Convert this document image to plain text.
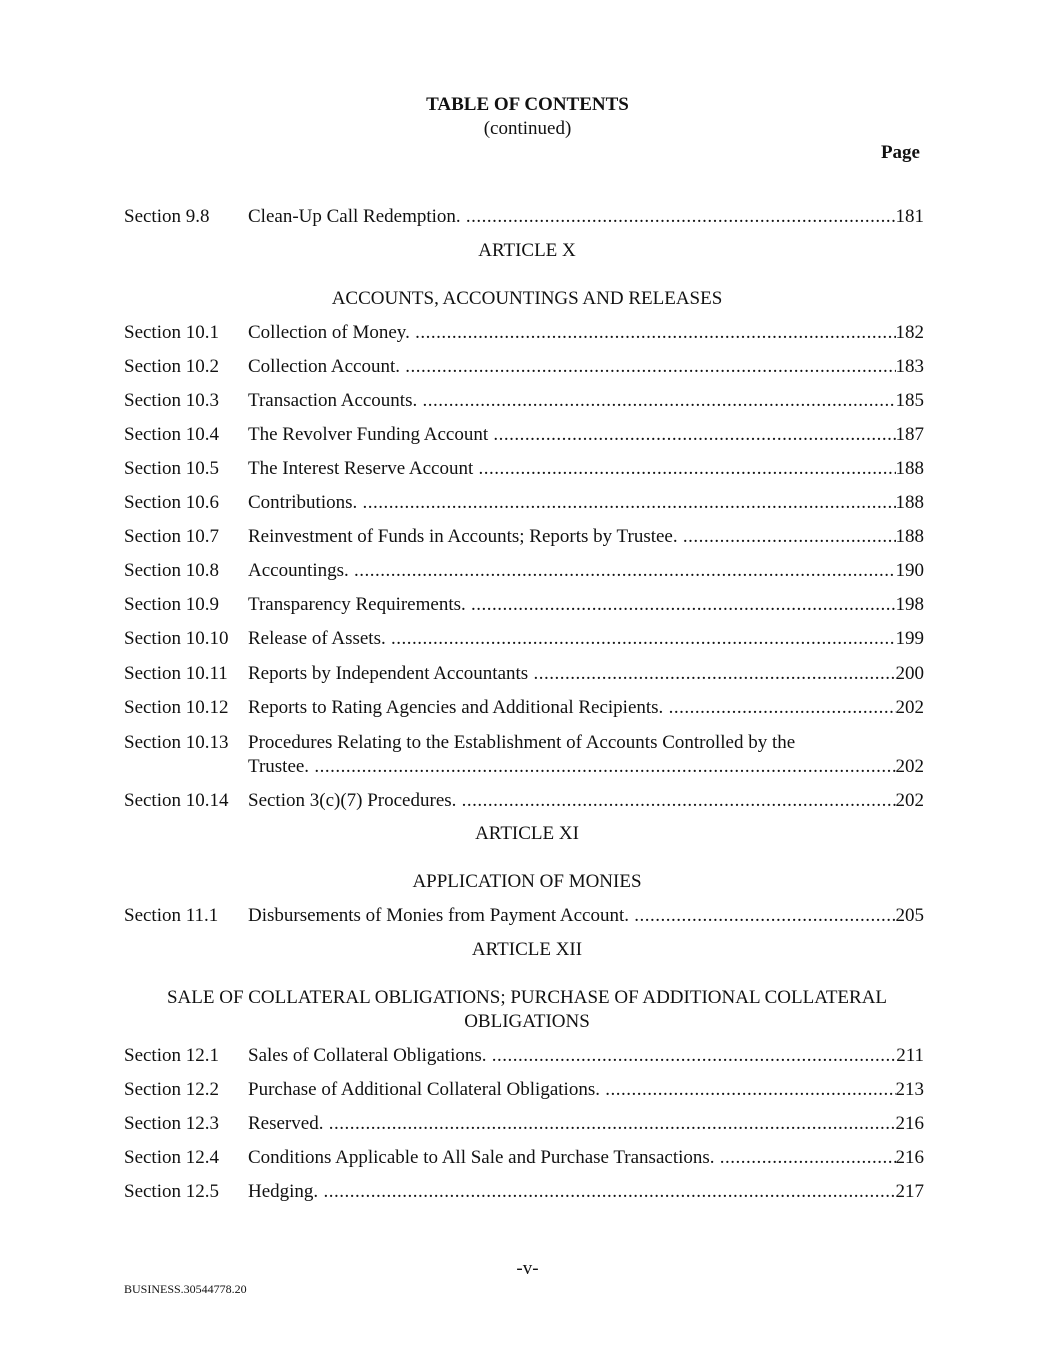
TABLE OF CONTENTS
(continued)
Page
Section 9.8	Clean-Up Call Redemption. .....	181
ARTICLE X
ACCOUNTS, ACCOUNTINGS AND RELEASES
Section 10.1	Collection of Money. .....	182
Section 10.2	Collection Account. .....	183
Section 10.3	Transaction Accounts. .....	185
Section 10.4	The Revolver Funding Account .....	187
Section 10.5	The Interest Reserve Account .....	188
Section 10.6	Contributions. .....	188
Section 10.7	Reinvestment of Funds in Accounts; Reports by Trustee. .....	188
Section 10.8	Accountings. .....	190
Section 10.9	Transparency Requirements. .....	198
Section 10.10	Release of Assets. .....	199
Section 10.11	Reports by Independent Accountants .....	200
Section 10.12	Reports to Rating Agencies and Additional Recipients. .....	202
Section 10.13	Procedures Relating to the Establishment of Accounts Controlled by the
Trustee. .....	202
Section 10.14	Section 3(c)(7) Procedures. .....	202
ARTICLE XI
APPLICATION OF MONIES
Section 11.1	Disbursements of Monies from Payment Account. .....	205
ARTICLE XII
SALE OF COLLATERAL OBLIGATIONS; PURCHASE OF ADDITIONAL COLLATERAL
OBLIGATIONS
Section 12.1	Sales of Collateral Obligations. .....	211
Section 12.2	Purchase of Additional Collateral Obligations. .....	213
Section 12.3	Reserved. .....	216
Section 12.4	Conditions Applicable to All Sale and Purchase Transactions. .....	216
Section 12.5	Hedging. .....	217
-v-
BUSINESS.30544778.20
